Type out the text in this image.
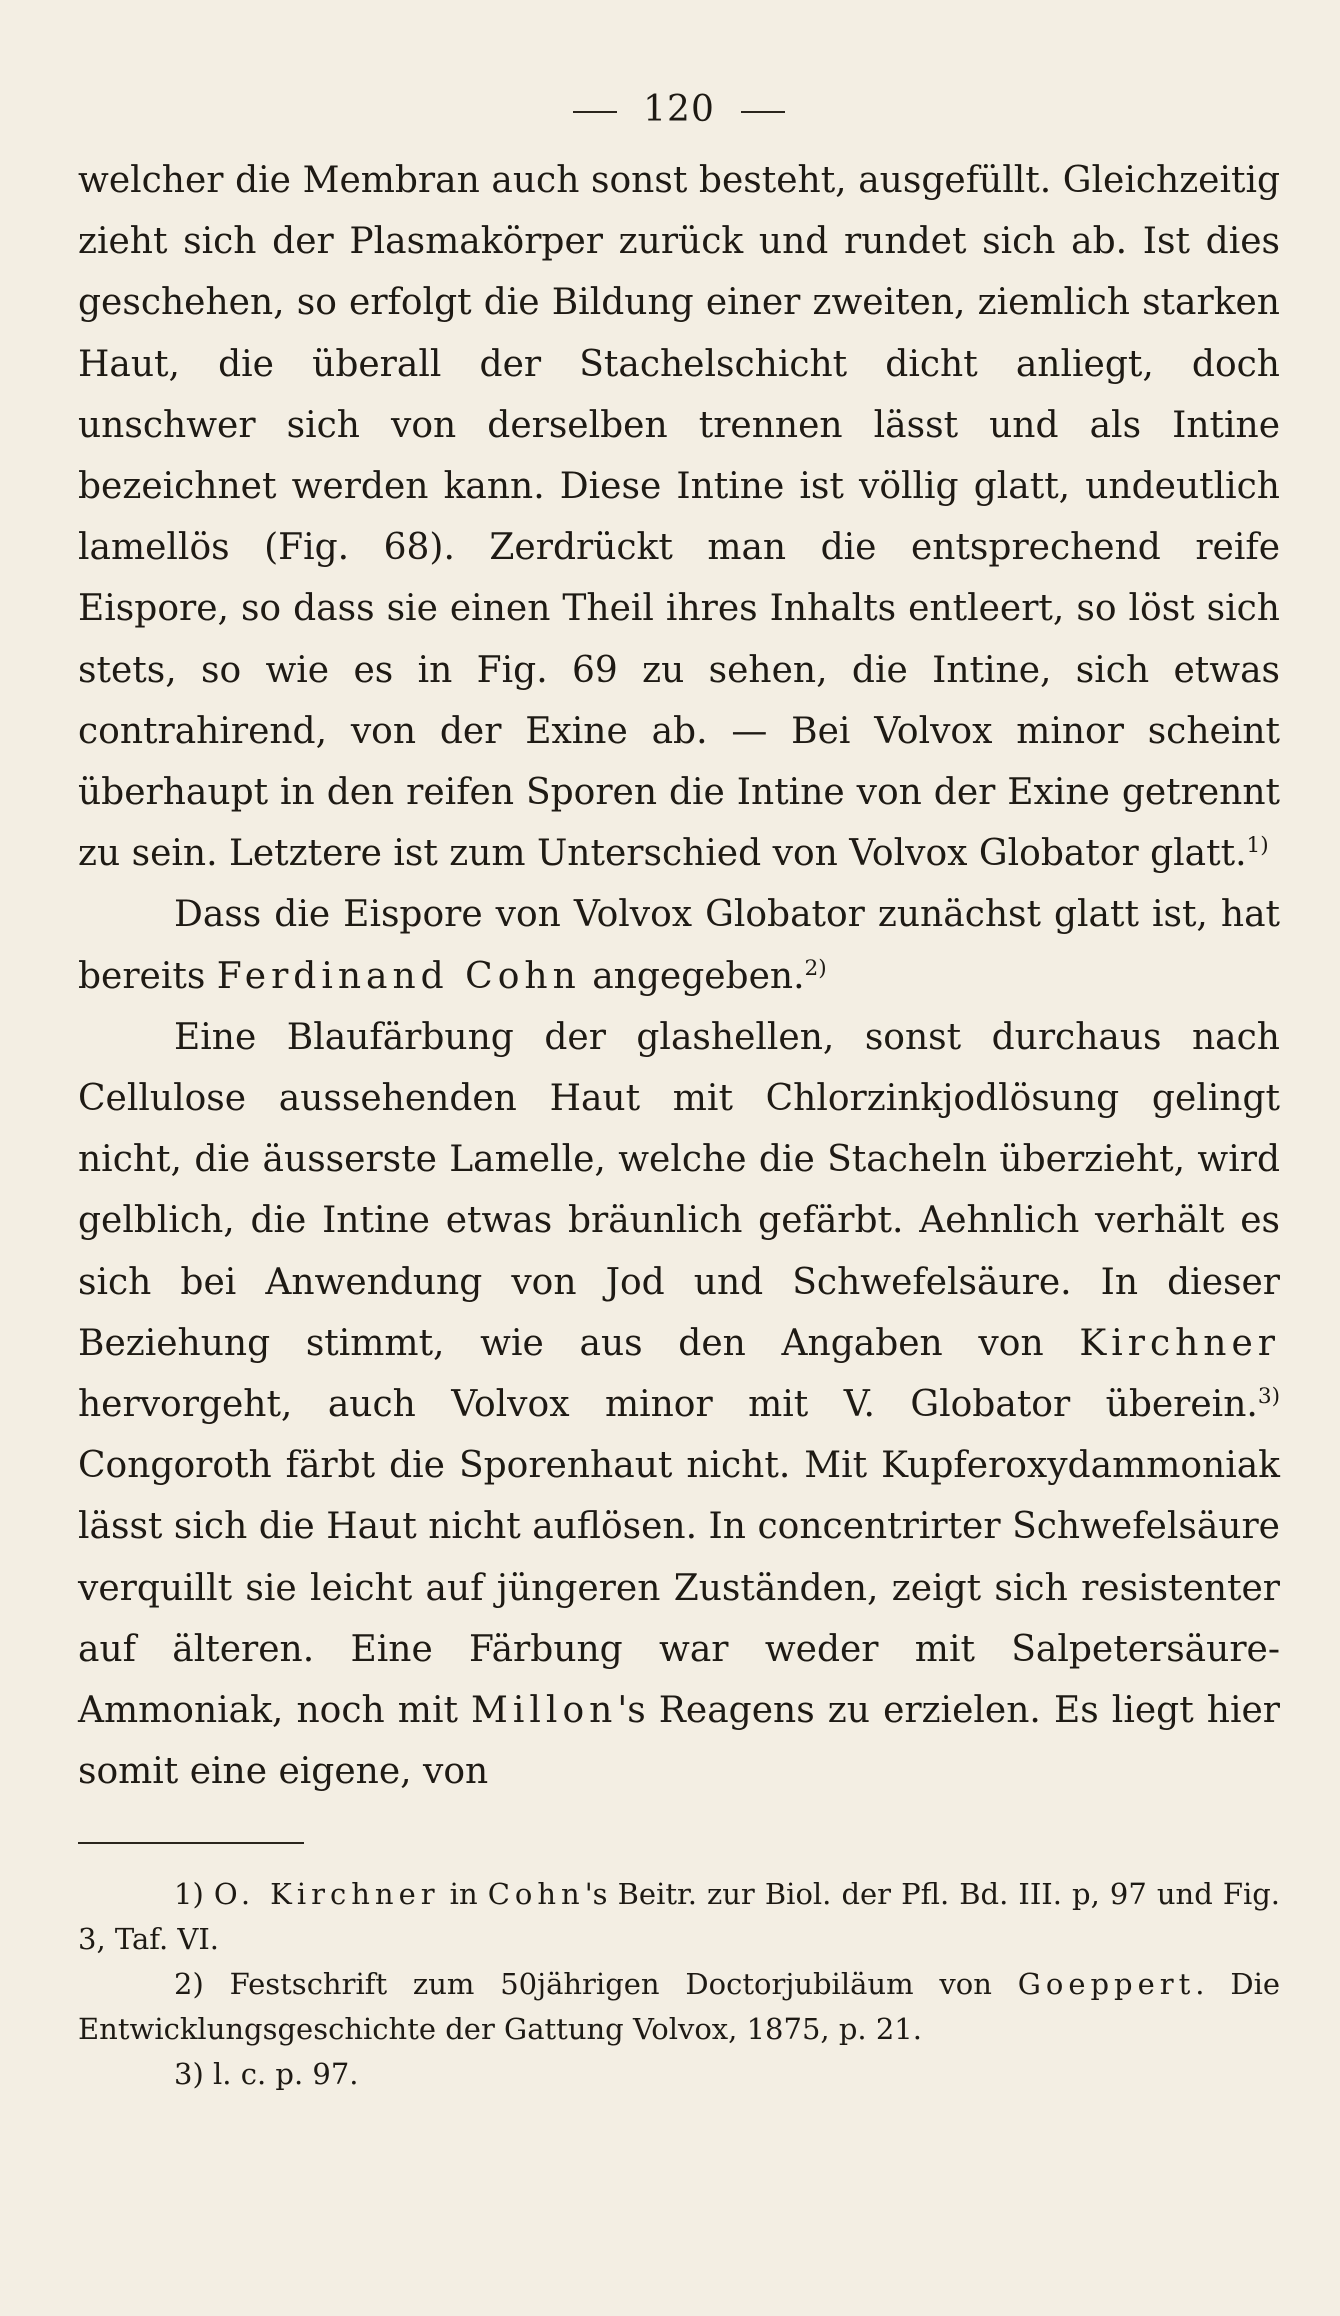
120

welcher die Membran auch sonst besteht, ausgefüllt. Gleichzeitig zieht sich der Plasmakörper zurück und rundet sich ab. Ist dies geschehen, so erfolgt die Bildung einer zweiten, ziemlich starken Haut, die überall der Stachelschicht dicht anliegt, doch unschwer sich von derselben trennen lässt und als Intine bezeichnet werden kann. Diese Intine ist völlig glatt, undeutlich lamellös (Fig. 68). Zerdrückt man die entsprechend reife Eispore, so dass sie einen Theil ihres Inhalts entleert, so löst sich stets, so wie es in Fig. 69 zu sehen, die Intine, sich etwas contrahirend, von der Exine ab. — Bei Volvox minor scheint überhaupt in den reifen Sporen die Intine von der Exine getrennt zu sein. Letztere ist zum Unterschied von Volvox Globator glatt.$^{1)}$

Dass die Eispore von Volvox Globator zunächst glatt ist, hat bereits Ferdinand Cohn angegeben.$^{2)}$

Eine Blaufärbung der glashellen, sonst durchaus nach Cellulose aussehenden Haut mit Chlorzinkjodlösung gelingt nicht, die äusserste Lamelle, welche die Stacheln überzieht, wird gelblich, die Intine etwas bräunlich gefärbt. Aehnlich verhält es sich bei Anwendung von Jod und Schwefelsäure. In dieser Beziehung stimmt, wie aus den Angaben von Kirchner hervorgeht, auch Volvox minor mit V. Globator überein.$^{3)}$ Congoroth färbt die Sporenhaut nicht. Mit Kupferoxydammoniak lässt sich die Haut nicht auflösen. In concentrirter Schwefelsäure verquillt sie leicht auf jüngeren Zuständen, zeigt sich resistenter auf älteren. Eine Färbung war weder mit Salpetersäure-Ammoniak, noch mit Millon's Reagens zu erzielen. Es liegt hier somit eine eigene, von

1) O. Kirchner in Cohn's Beitr. zur Biol. der Pfl. Bd. III. p, 97 und Fig. 3, Taf. VI.

2) Festschrift zum 50jährigen Doctorjubiläum von Goeppert. Die Entwicklungsgeschichte der Gattung Volvox, 1875, p. 21.

3) l. c. p. 97.
